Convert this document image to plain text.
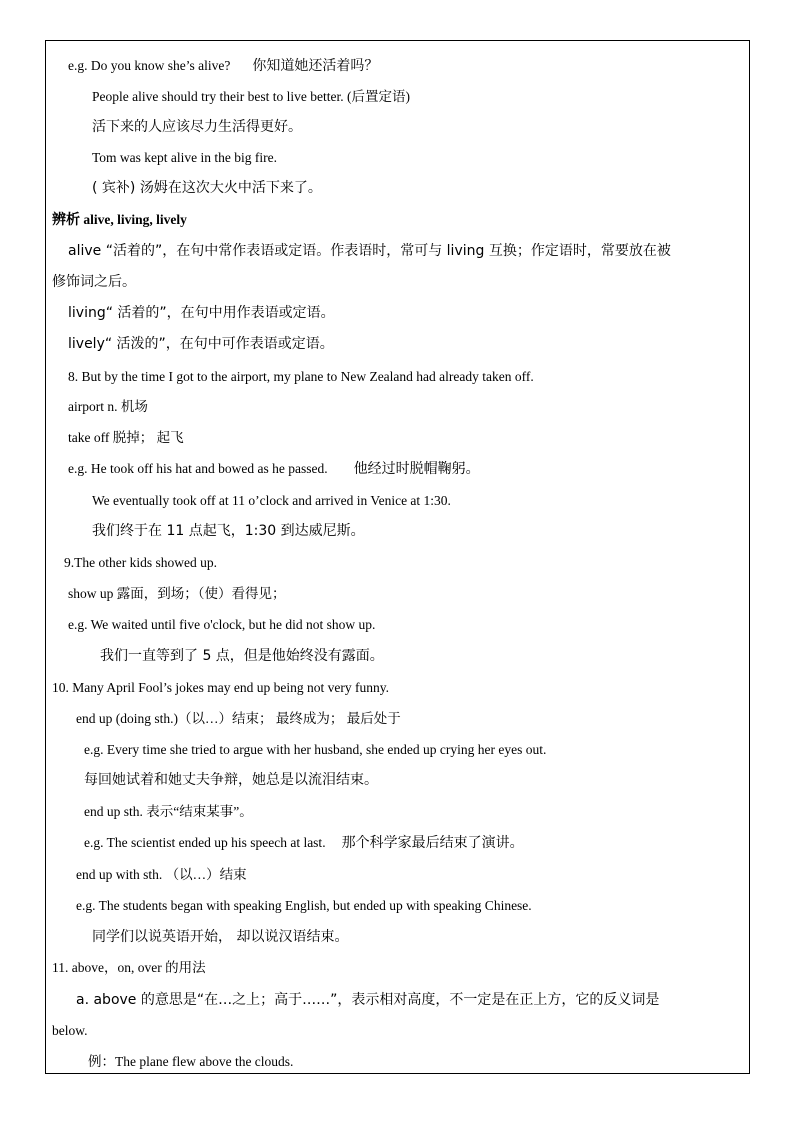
e.g. Do you know she’s alive? 你知道她还活着吗？
People alive should try their best to live better. (后置定语)
活下来的人应该尽力生活得更好。
Tom was kept alive in the big fire.
( 宾补) 汤姆在这次大火中活下来了。
辨析 alive, living, lively
alive “活着的”，在句中常作表语或定语。作表语时，常可与 living 互换；作定语时，常要放在被
修饰词之后。
living“ 活着的”，在句中用作表语或定语。
lively“ 活泼的”，在句中可作表语或定语。
8. But by the time I got to the airport, my plane to New Zealand had already taken off.
airport n. 机场
take off 脱掉； 起飞
e.g. He took off his hat and bowed as he passed. 他经过时脱帽鞠躬。
We eventually took off at 11 o’clock and arrived in Venice at 1:30.
我们终于在 11 点起飞，1:30 到达威尼斯。
9.The other kids showed up.
show up 露面，到场；（使）看得见；
e.g. We waited until five o'clock, but he did not show up.
我们一直等到了 5 点，但是他始终没有露面。
10. Many April Fool’s jokes may end up being not very funny.
end up (doing sth.)（以…）结束； 最终成为； 最后处于
e.g. Every time she tried to argue with her husband, she ended up crying her eyes out.
每回她试着和她丈夫争辩，她总是以流泪结束。
end up sth. 表示“结束某事”。
e.g. The scientist ended up his speech at last. 那个科学家最后结束了演讲。
end up with sth. （以…）结束
e.g. The students began with speaking English, but ended up with speaking Chinese.
同学们以说英语开始， 却以说汉语结束。
11. above，on, over 的用法
a. above 的意思是“在…之上；高于……”，表示相对高度，不一定是在正上方，它的反义词是
below.
例：The plane flew above the clouds.
